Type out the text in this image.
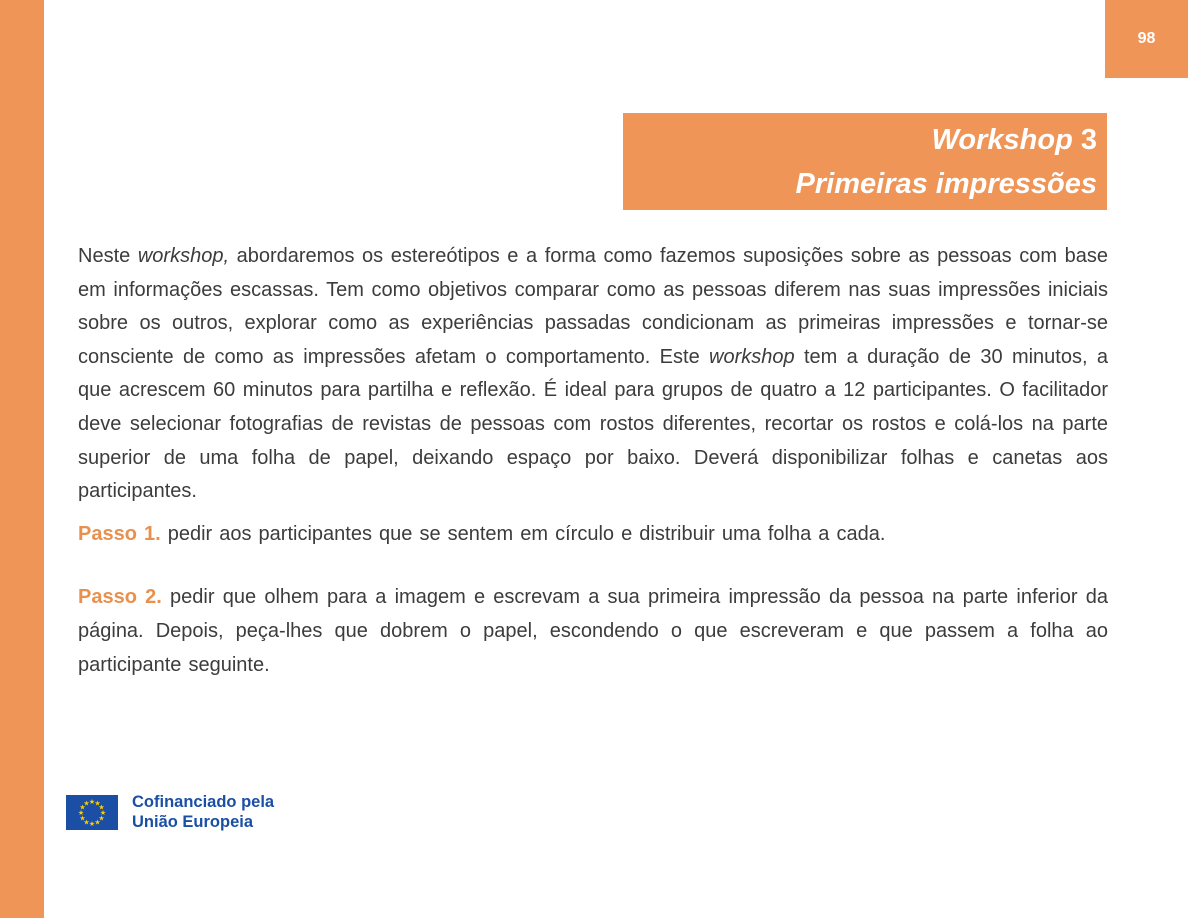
98
Workshop 3
Primeiras impressões

Neste workshop, abordaremos os estereótipos e a forma como fazemos suposições sobre as pessoas com base em informações escassas. Tem como objetivos comparar como as pessoas diferem nas suas impressões iniciais sobre os outros, explorar como as experiências passadas condicionam as primeiras impressões e tornar-se consciente de como as impressões afetam o comportamento. Este workshop tem a duração de 30 minutos, a que acrescem 60 minutos para partilha e reflexão. É ideal para grupos de quatro a 12 participantes. O facilitador deve selecionar fotografias de revistas de pessoas com rostos diferentes, recortar os rostos e colá-los na parte superior de uma folha de papel, deixando espaço por baixo. Deverá disponibilizar folhas e canetas aos participantes.

Passo 1. pedir aos participantes que se sentem em círculo e distribuir uma folha a cada.

Passo 2. pedir que olhem para a imagem e escrevam a sua primeira impressão da pessoa na parte inferior da página. Depois, peça-lhes que dobrem o papel, escondendo o que escreveram e que passem a folha ao participante seguinte.

★ ★
★
★
★
★
★
★
★
★
★
★	Cofinanciado pela
União Europeia
